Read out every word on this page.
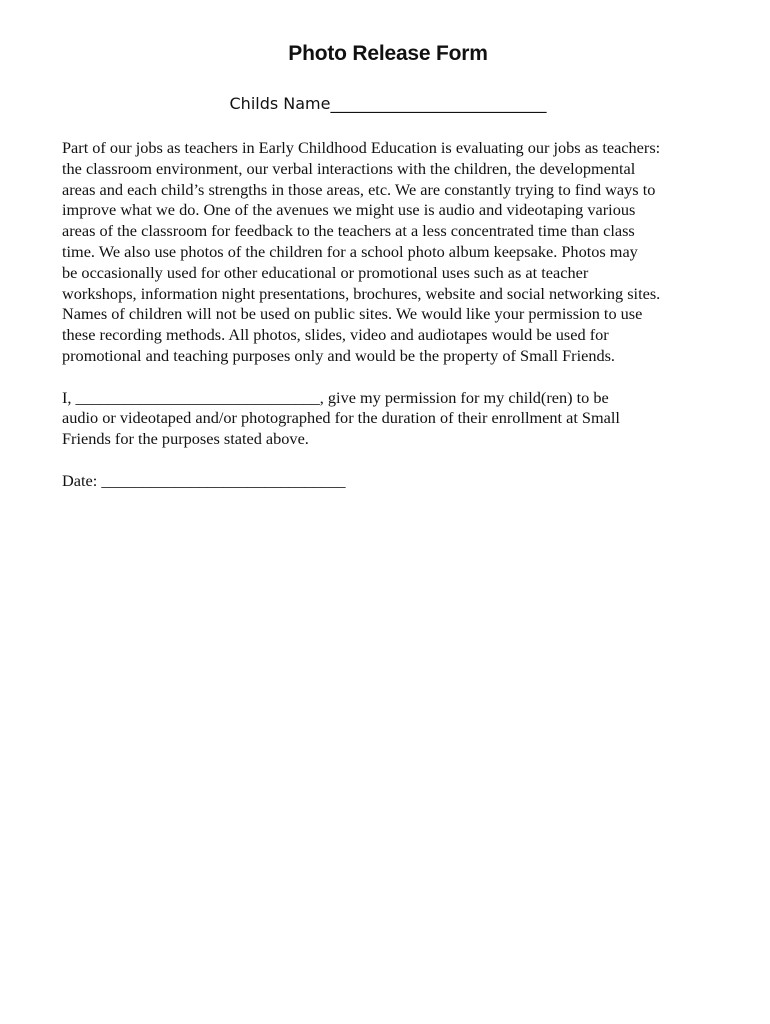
Photo Release Form
Childs Name___________________________
Part of our jobs as teachers in Early Childhood Education is evaluating our jobs as teachers:
the classroom environment, our verbal interactions with the children, the developmental
areas and each child’s strengths in those areas, etc. We are constantly trying to find ways to
improve what we do. One of the avenues we might use is audio and videotaping various
areas of the classroom for feedback to the teachers at a less concentrated time than class
time. We also use photos of the children for a school photo album keepsake. Photos may
be occasionally used for other educational or promotional uses such as at teacher
workshops, information night presentations, brochures, website and social networking sites.
Names of children will not be used on public sites. We would like your permission to use
these recording methods. All photos, slides, video and audiotapes would be used for
promotional and teaching purposes only and would be the property of Small Friends.
I, ______________________________, give my permission for my child(ren) to be
audio or videotaped and/or photographed for the duration of their enrollment at Small
Friends for the purposes stated above.
Date: ______________________________
